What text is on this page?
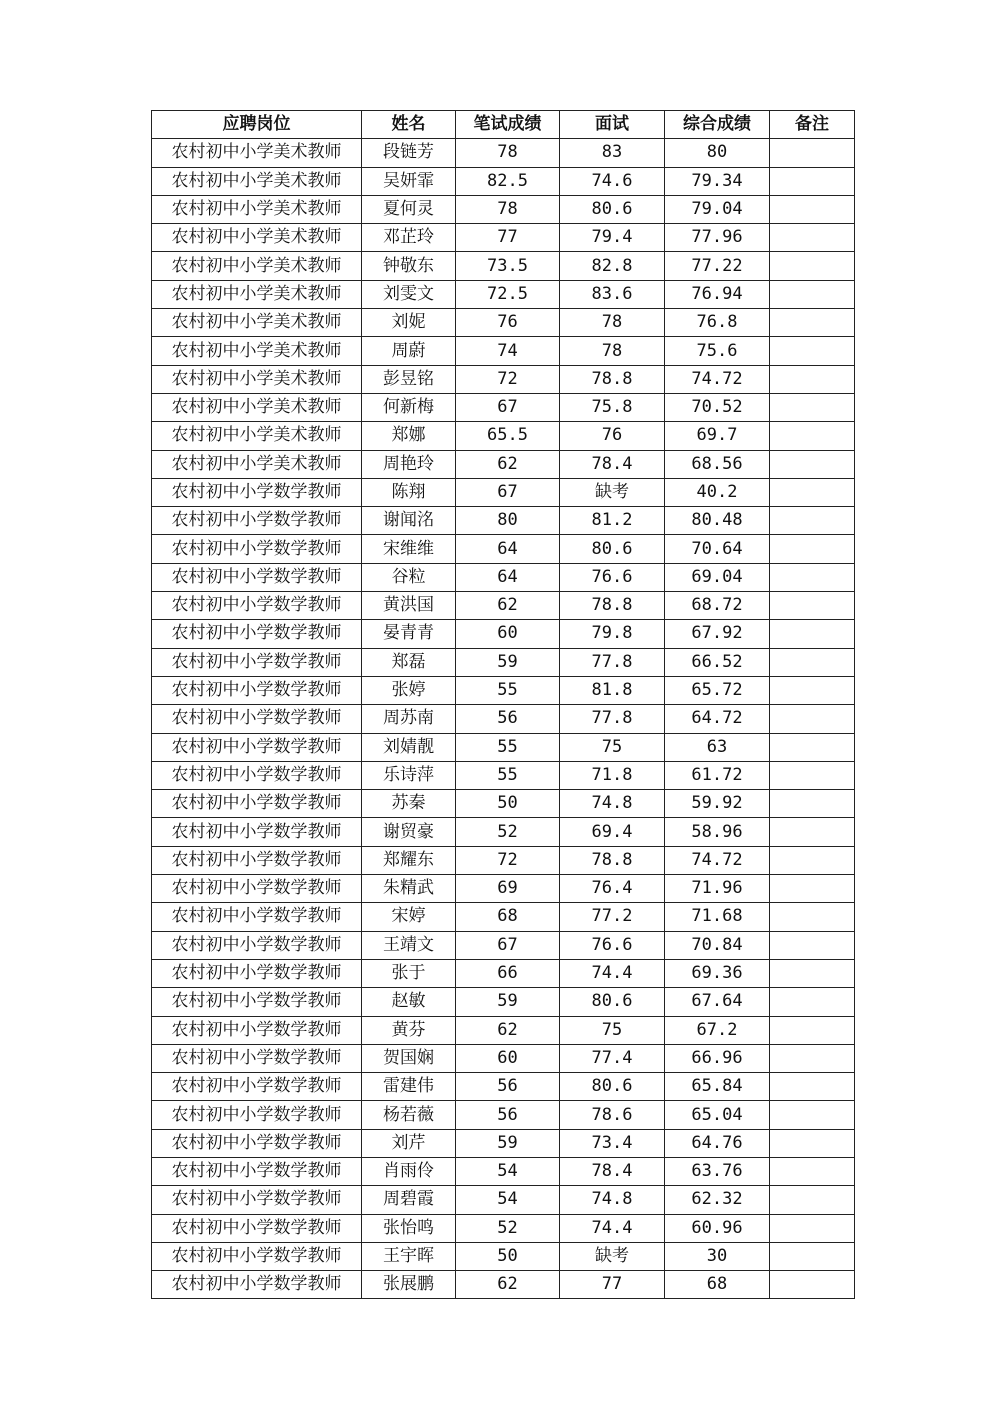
应聘岗位	姓名	笔试成绩	面试	综合成绩	备注
农村初中小学美术教师	段链芳	78	83	80	
农村初中小学美术教师	吴妍霏	82.5	74.6	79.34	
农村初中小学美术教师	夏何灵	78	80.6	79.04	
农村初中小学美术教师	邓芷玲	77	79.4	77.96	
农村初中小学美术教师	钟敬东	73.5	82.8	77.22	
农村初中小学美术教师	刘雯文	72.5	83.6	76.94	
农村初中小学美术教师	刘妮	76	78	76.8	
农村初中小学美术教师	周蔚	74	78	75.6	
农村初中小学美术教师	彭昱铭	72	78.8	74.72	
农村初中小学美术教师	何新梅	67	75.8	70.52	
农村初中小学美术教师	郑娜	65.5	76	69.7	
农村初中小学美术教师	周艳玲	62	78.4	68.56	
农村初中小学数学教师	陈翔	67	缺考	40.2	
农村初中小学数学教师	谢闻洺	80	81.2	80.48	
农村初中小学数学教师	宋维维	64	80.6	70.64	
农村初中小学数学教师	谷粒	64	76.6	69.04	
农村初中小学数学教师	黄洪国	62	78.8	68.72	
农村初中小学数学教师	晏青青	60	79.8	67.92	
农村初中小学数学教师	郑磊	59	77.8	66.52	
农村初中小学数学教师	张婷	55	81.8	65.72	
农村初中小学数学教师	周苏南	56	77.8	64.72	
农村初中小学数学教师	刘婧靓	55	75	63	
农村初中小学数学教师	乐诗萍	55	71.8	61.72	
农村初中小学数学教师	苏秦	50	74.8	59.92	
农村初中小学数学教师	谢贸豪	52	69.4	58.96	
农村初中小学数学教师	郑耀东	72	78.8	74.72	
农村初中小学数学教师	朱精武	69	76.4	71.96	
农村初中小学数学教师	宋婷	68	77.2	71.68	
农村初中小学数学教师	王靖文	67	76.6	70.84	
农村初中小学数学教师	张于	66	74.4	69.36	
农村初中小学数学教师	赵敏	59	80.6	67.64	
农村初中小学数学教师	黄芬	62	75	67.2	
农村初中小学数学教师	贺国娴	60	77.4	66.96	
农村初中小学数学教师	雷建伟	56	80.6	65.84	
农村初中小学数学教师	杨若薇	56	78.6	65.04	
农村初中小学数学教师	刘芹	59	73.4	64.76	
农村初中小学数学教师	肖雨伶	54	78.4	63.76	
农村初中小学数学教师	周碧霞	54	74.8	62.32	
农村初中小学数学教师	张怡鸣	52	74.4	60.96	
农村初中小学数学教师	王宇晖	50	缺考	30	
农村初中小学数学教师	张展鹏	62	77	68	
